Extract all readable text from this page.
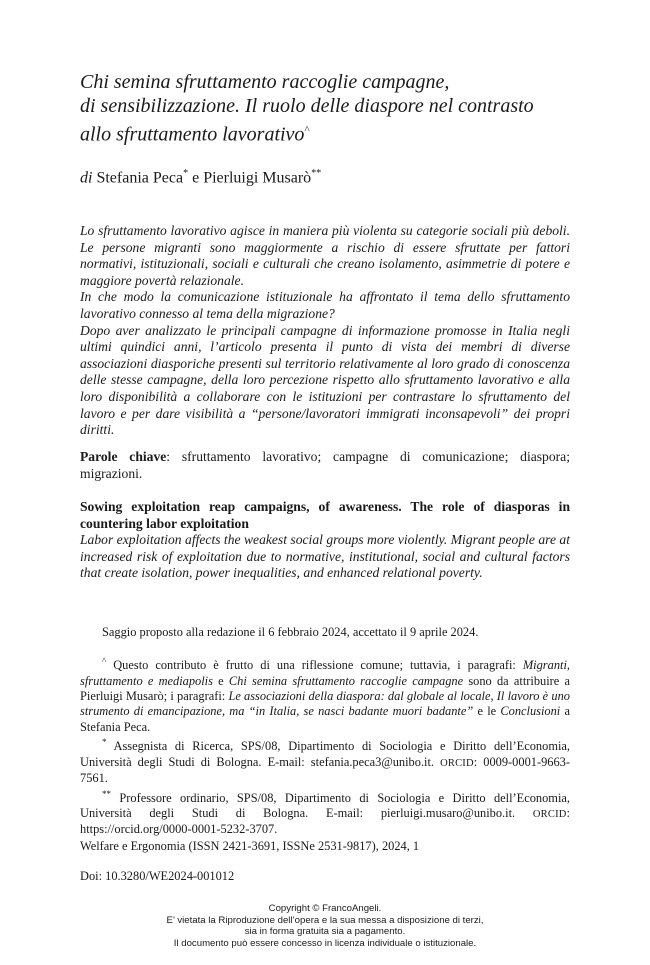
Chi semina sfruttamento raccoglie campagne,
di sensibilizzazione. Il ruolo delle diaspore nel contrasto
allo sfruttamento lavorativo^
di Stefania Peca* e Pierluigi Musarò**

Lo sfruttamento lavorativo agisce in maniera più violenta su categorie sociali più deboli. Le persone migranti sono maggiormente a rischio di essere sfruttate per fattori normativi, istituzionali, sociali e culturali che creano isolamento, asimmetrie di potere e maggiore povertà relazionale.

In che modo la comunicazione istituzionale ha affrontato il tema dello sfruttamento lavorativo connesso al tema della migrazione?

Dopo aver analizzato le principali campagne di informazione promosse in Italia negli ultimi quindici anni, l’articolo presenta il punto di vista dei membri di diverse associazioni diasporiche presenti sul territorio relativamente al loro grado di conoscenza delle stesse campagne, della loro percezione rispetto allo sfruttamento lavorativo e alla loro disponibilità a collaborare con le istituzioni per contrastare lo sfruttamento del lavoro e per dare visibilità a “persone/lavoratori immigrati inconsapevoli” dei propri diritti.

Parole chiave: sfruttamento lavorativo; campagne di comunicazione; diaspora; migrazioni.
Sowing exploitation reap campaigns, of awareness. The role of diasporas in countering labor exploitation
Labor exploitation affects the weakest social groups more violently. Migrant people are at increased risk of exploitation due to normative, institutional, social and cultural factors that create isolation, power inequalities, and enhanced relational poverty.
Saggio proposto alla redazione il 6 febbraio 2024, accettato il 9 aprile 2024.

^ Questo contributo è frutto di una riflessione comune; tuttavia, i paragrafi: Migranti, sfruttamento e mediapolis e Chi semina sfruttamento raccoglie campagne sono da attribuire a Pierluigi Musarò; i paragrafi: Le associazioni della diaspora: dal globale al locale, Il lavoro è uno strumento di emancipazione, ma “in Italia, se nasci badante muori badante” e le Conclusioni a Stefania Peca.

* Assegnista di Ricerca, SPS/08, Dipartimento di Sociologia e Diritto dell’Economia, Università degli Studi di Bologna. E-mail: stefania.peca3@unibo.it. ORCID: 0009-0001-9663-7561.

** Professore ordinario, SPS/08, Dipartimento di Sociologia e Diritto dell’Economia, Università degli Studi di Bologna. E-mail: pierluigi.musaro@unibo.it. ORCID: https://orcid.org/0000-0001-5232-3707.

Welfare e Ergonomia (ISSN 2421-3691, ISSNe 2531-9817), 2024, 1
Doi: 10.3280/WE2024-001012
Copyright © FrancoAngeli.
E’ vietata la Riproduzione dell’opera e la sua messa a disposizione di terzi,
sia in forma gratuita sia a pagamento.
Il documento può essere concesso in licenza individuale o istituzionale.
